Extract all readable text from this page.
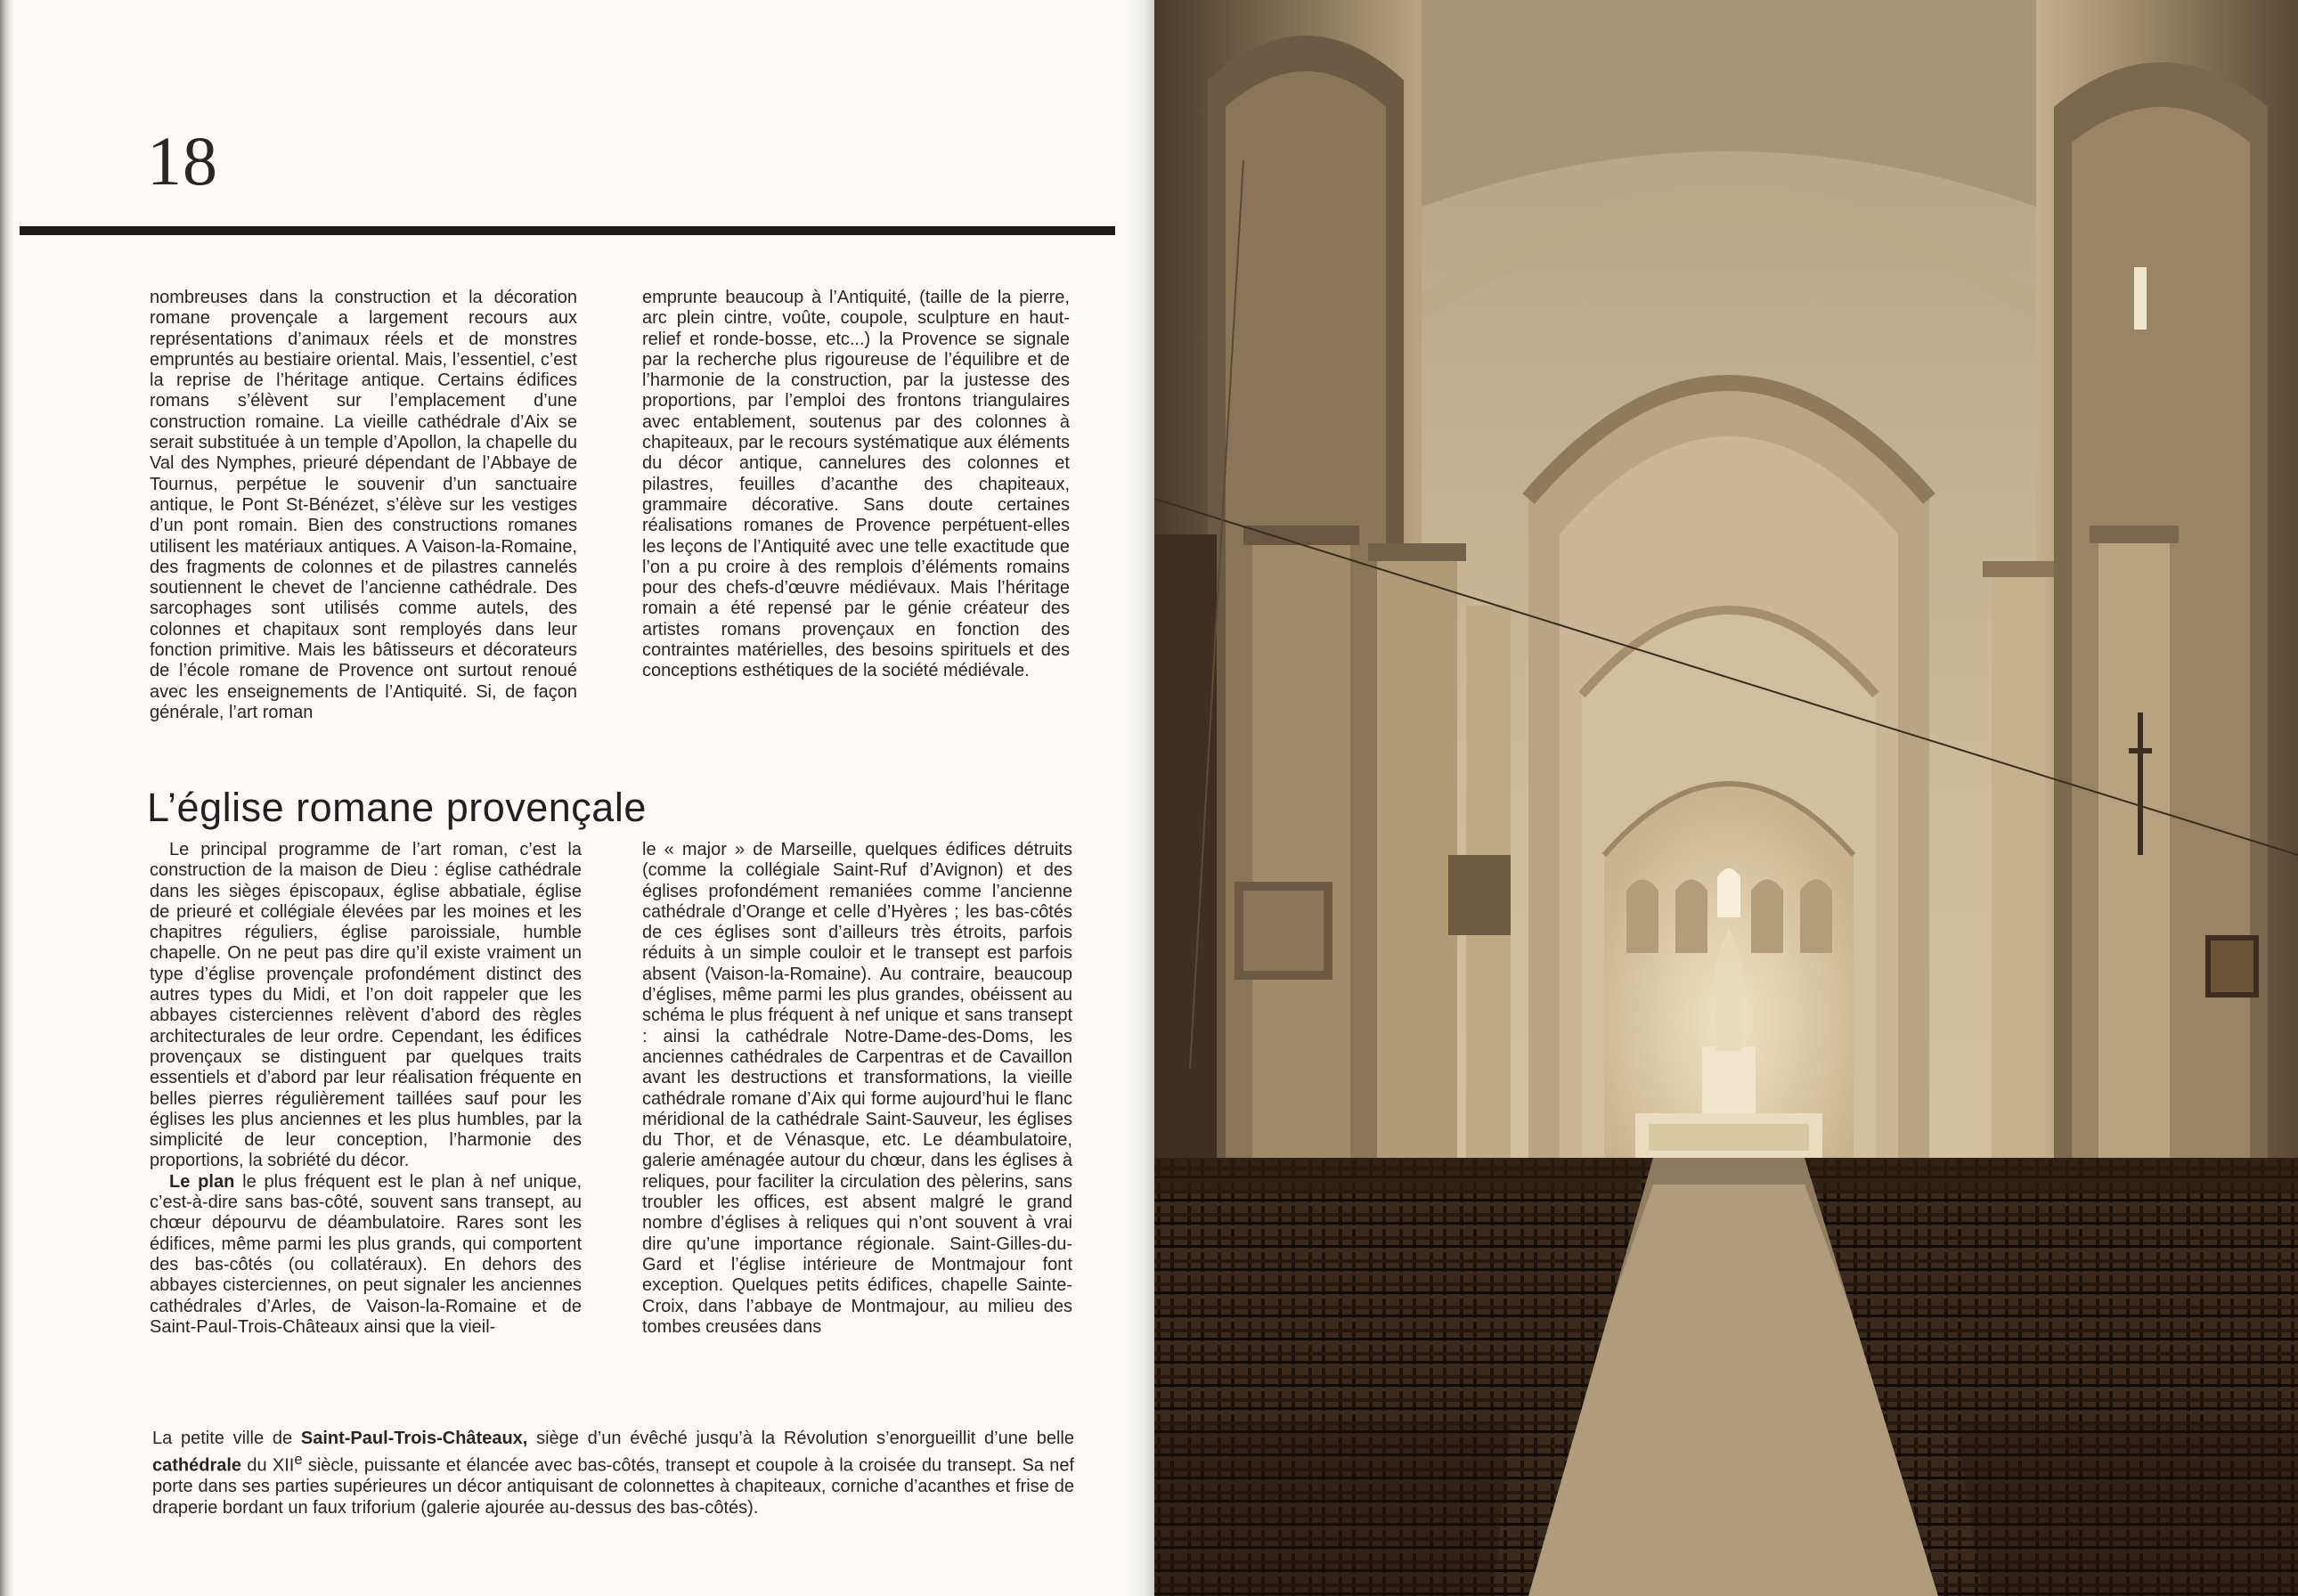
18

nombreuses dans la construction et la décoration romane provençale a largement recours aux représentations d’animaux réels et de monstres empruntés au bestiaire oriental. Mais, l’essentiel, c’est la reprise de l’héritage antique. Certains édifices romans s’élèvent sur l’emplacement d’une construction romaine. La vieille cathédrale d’Aix se serait substituée à un temple d’Apollon, la chapelle du Val des Nymphes, prieuré dépendant de l’Abbaye de Tournus, perpétue le souvenir d’un sanctuaire antique, le Pont St-Bénézet, s’élève sur les vestiges d’un pont romain. Bien des constructions romanes utilisent les matériaux antiques. A Vaison-la-Romaine, des fragments de colonnes et de pilastres cannelés soutiennent le chevet de l’ancienne cathédrale. Des sarcophages sont utilisés comme autels, des colonnes et chapitaux sont remployés dans leur fonction primitive. Mais les bâtisseurs et décorateurs de l’école romane de Provence ont surtout renoué avec les enseignements de l’Antiquité. Si, de façon générale, l’art roman

emprunte beaucoup à l’Antiquité, (taille de la pierre, arc plein cintre, voûte, coupole, sculpture en haut-relief et ronde-bosse, etc...) la Provence se signale par la recherche plus rigoureuse de l’équilibre et de l’harmonie de la construction, par la justesse des proportions, par l’emploi des frontons triangulaires avec entablement, soutenus par des colonnes à chapiteaux, par le recours systématique aux éléments du décor antique, cannelures des colonnes et pilastres, feuilles d’acanthe des chapiteaux, grammaire décorative. Sans doute certaines réalisations romanes de Provence perpétuent-elles les leçons de l’Antiquité avec une telle exactitude que l’on a pu croire à des remplois d’éléments romains pour des chefs-d’œuvre médiévaux. Mais l’héritage romain a été repensé par le génie créateur des artistes romans provençaux en fonction des contraintes matérielles, des besoins spirituels et des conceptions esthétiques de la société médiévale.

L’église romane provençale

Le principal programme de l’art roman, c’est la construction de la maison de Dieu : église cathédrale dans les sièges épiscopaux, église abbatiale, église de prieuré et collégiale élevées par les moines et les chapitres réguliers, église paroissiale, humble chapelle. On ne peut pas dire qu’il existe vraiment un type d’église provençale profondément distinct des autres types du Midi, et l’on doit rappeler que les abbayes cisterciennes relèvent d’abord des règles architecturales de leur ordre. Cependant, les édifices provençaux se distinguent par quelques traits essentiels et d’abord par leur réalisation fréquente en belles pierres régulièrement taillées sauf pour les églises les plus anciennes et les plus humbles, par la simplicité de leur conception, l’harmonie des proportions, la sobriété du décor.

Le plan le plus fréquent est le plan à nef unique, c’est-à-dire sans bas-côté, souvent sans transept, au chœur dépourvu de déambulatoire. Rares sont les édifices, même parmi les plus grands, qui comportent des bas-côtés (ou collatéraux). En dehors des abbayes cisterciennes, on peut signaler les anciennes cathédrales d’Arles, de Vaison-la-Romaine et de Saint-Paul-Trois-Châteaux ainsi que la vieil-

le « major » de Marseille, quelques édifices détruits (comme la collégiale Saint-Ruf d’Avignon) et des églises profondément remaniées comme l’ancienne cathédrale d’Orange et celle d’Hyères ; les bas-côtés de ces églises sont d’ailleurs très étroits, parfois réduits à un simple couloir et le transept est parfois absent (Vaison-la-Romaine). Au contraire, beaucoup d’églises, même parmi les plus grandes, obéissent au schéma le plus fréquent à nef unique et sans transept : ainsi la cathédrale Notre-Dame-des-Doms, les anciennes cathédrales de Carpentras et de Cavaillon avant les destructions et transformations, la vieille cathédrale romane d’Aix qui forme aujourd’hui le flanc méridional de la cathédrale Saint-Sauveur, les églises du Thor, et de Vénasque, etc. Le déambulatoire, galerie aménagée autour du chœur, dans les églises à reliques, pour faciliter la circulation des pèlerins, sans troubler les offices, est absent malgré le grand nombre d’églises à reliques qui n’ont souvent à vrai dire qu’une importance régionale. Saint-Gilles-du-Gard et l’église intérieure de Montmajour font exception. Quelques petits édifices, chapelle Sainte-Croix, dans l’abbaye de Montmajour, au milieu des tombes creusées dans

La petite ville de Saint-Paul-Trois-Châteaux, siège d’un évêché jusqu’à la Révolution s’enorgueillit d’une belle cathédrale du XIIe siècle, puissante et élancée avec bas-côtés, transept et coupole à la croisée du transept. Sa nef porte dans ses parties supérieures un décor antiquisant de colonnettes à chapiteaux, corniche d’acanthes et frise de draperie bordant un faux triforium (galerie ajourée au-dessus des bas-côtés).
